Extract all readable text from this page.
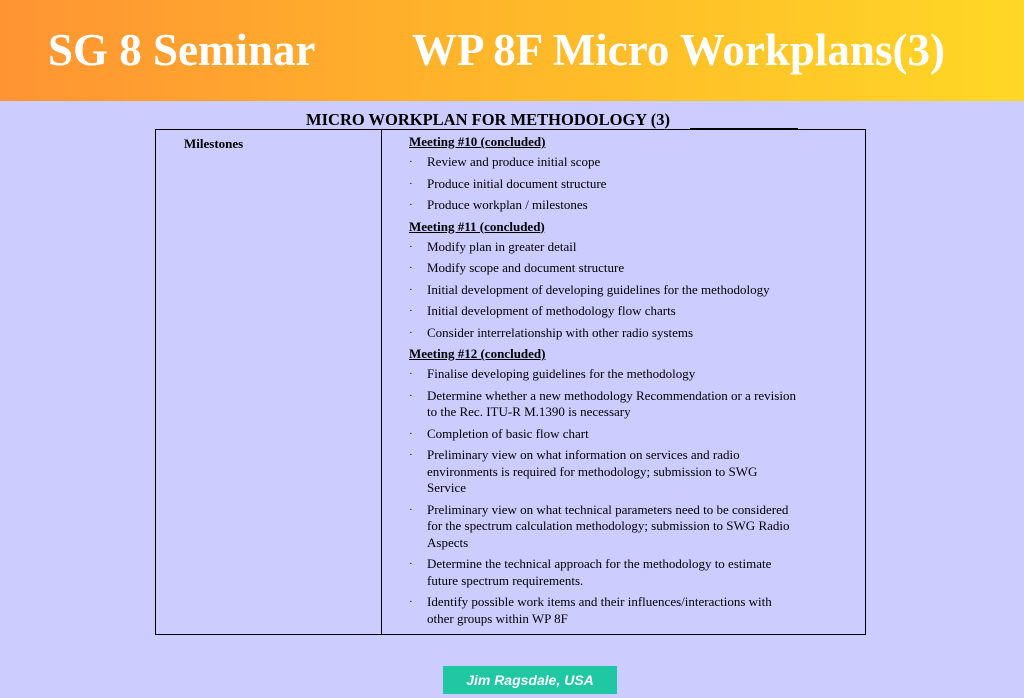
SG 8 Seminar WP 8F Micro Workplans(3)
MICRO WORKPLAN FOR METHODOLOGY (3)
Milestones	Meeting #10 (concluded)
·	Review and produce initial scope
·	Produce initial document structure
·	Produce workplan / milestones
Meeting #11 (concluded)
·	Modify plan in greater detail
·	Modify scope and document structure
·	Initial development of developing guidelines for the methodology
·	Initial development of methodology flow charts
·	Consider interrelationship with other radio systems
Meeting #12 (concluded)
·	Finalise developing guidelines for the methodology
·	Determine whether a new methodology Recommendation or a revision to the Rec. ITU-R M.1390 is necessary
·	Completion of basic flow chart
·	Preliminary view on what information on services and radio environments is required for methodology; submission to SWG Service
·	Preliminary view on what technical parameters need to be considered for the spectrum calculation methodology; submission to SWG Radio Aspects
·	Determine the technical approach for the methodology to estimate future spectrum requirements.
·	Identify possible work items and their influences/interactions with other groups within WP 8F
Jim Ragsdale, USA
